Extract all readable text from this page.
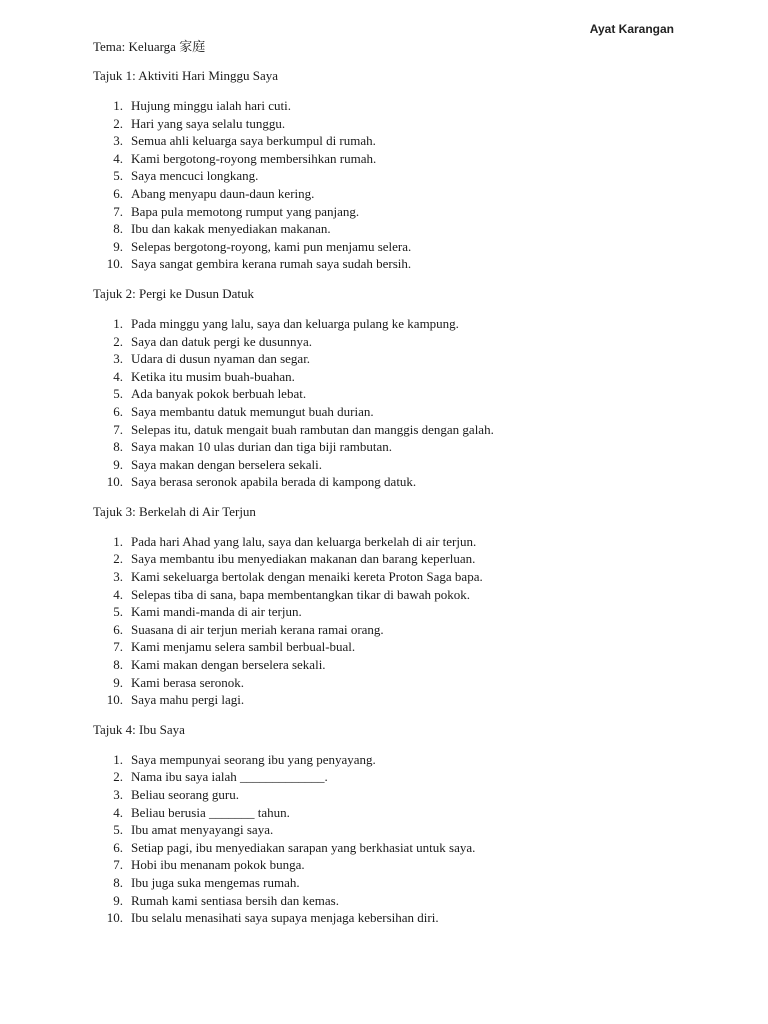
Ayat Karangan
Tema: Keluarga 家庭
Tajuk 1: Aktiviti Hari Minggu Saya
1. Hujung minggu ialah hari cuti.
2. Hari yang saya selalu tunggu.
3. Semua ahli keluarga saya berkumpul di rumah.
4. Kami bergotong-royong membersihkan rumah.
5. Saya mencuci longkang.
6. Abang menyapu daun-daun kering.
7. Bapa pula memotong rumput yang panjang.
8. Ibu dan kakak menyediakan makanan.
9. Selepas bergotong-royong, kami pun menjamu selera.
10. Saya sangat gembira kerana rumah saya sudah bersih.
Tajuk 2: Pergi ke Dusun Datuk
1. Pada minggu yang lalu, saya dan keluarga pulang ke kampung.
2. Saya dan datuk pergi ke dusunnya.
3. Udara di dusun nyaman dan segar.
4. Ketika itu musim buah-buahan.
5. Ada banyak pokok berbuah lebat.
6. Saya membantu datuk memungut buah durian.
7. Selepas itu, datuk mengait buah rambutan dan manggis dengan galah.
8. Saya makan 10 ulas durian dan tiga biji rambutan.
9. Saya makan dengan berselera sekali.
10. Saya berasa seronok apabila berada di kampong datuk.
Tajuk 3: Berkelah di Air Terjun
1. Pada hari Ahad yang lalu, saya dan keluarga berkelah di air terjun.
2. Saya membantu ibu menyediakan makanan dan barang keperluan.
3. Kami sekeluarga bertolak dengan menaiki kereta Proton Saga bapa.
4. Selepas tiba di sana, bapa membentangkan tikar di bawah pokok.
5. Kami mandi-manda di air terjun.
6. Suasana di air terjun meriah kerana ramai orang.
7. Kami menjamu selera sambil berbual-bual.
8. Kami makan dengan berselera sekali.
9. Kami berasa seronok.
10. Saya mahu pergi lagi.
Tajuk 4: Ibu Saya
1. Saya mempunyai seorang ibu yang penyayang.
2. Nama ibu saya ialah _____________.
3. Beliau seorang guru.
4. Beliau berusia _______ tahun.
5. Ibu amat menyayangi saya.
6. Setiap pagi, ibu menyediakan sarapan yang berkhasiat untuk saya.
7. Hobi ibu menanam pokok bunga.
8. Ibu juga suka mengemas rumah.
9. Rumah kami sentiasa bersih dan kemas.
10. Ibu selalu menasihati saya supaya menjaga kebersihan diri.
